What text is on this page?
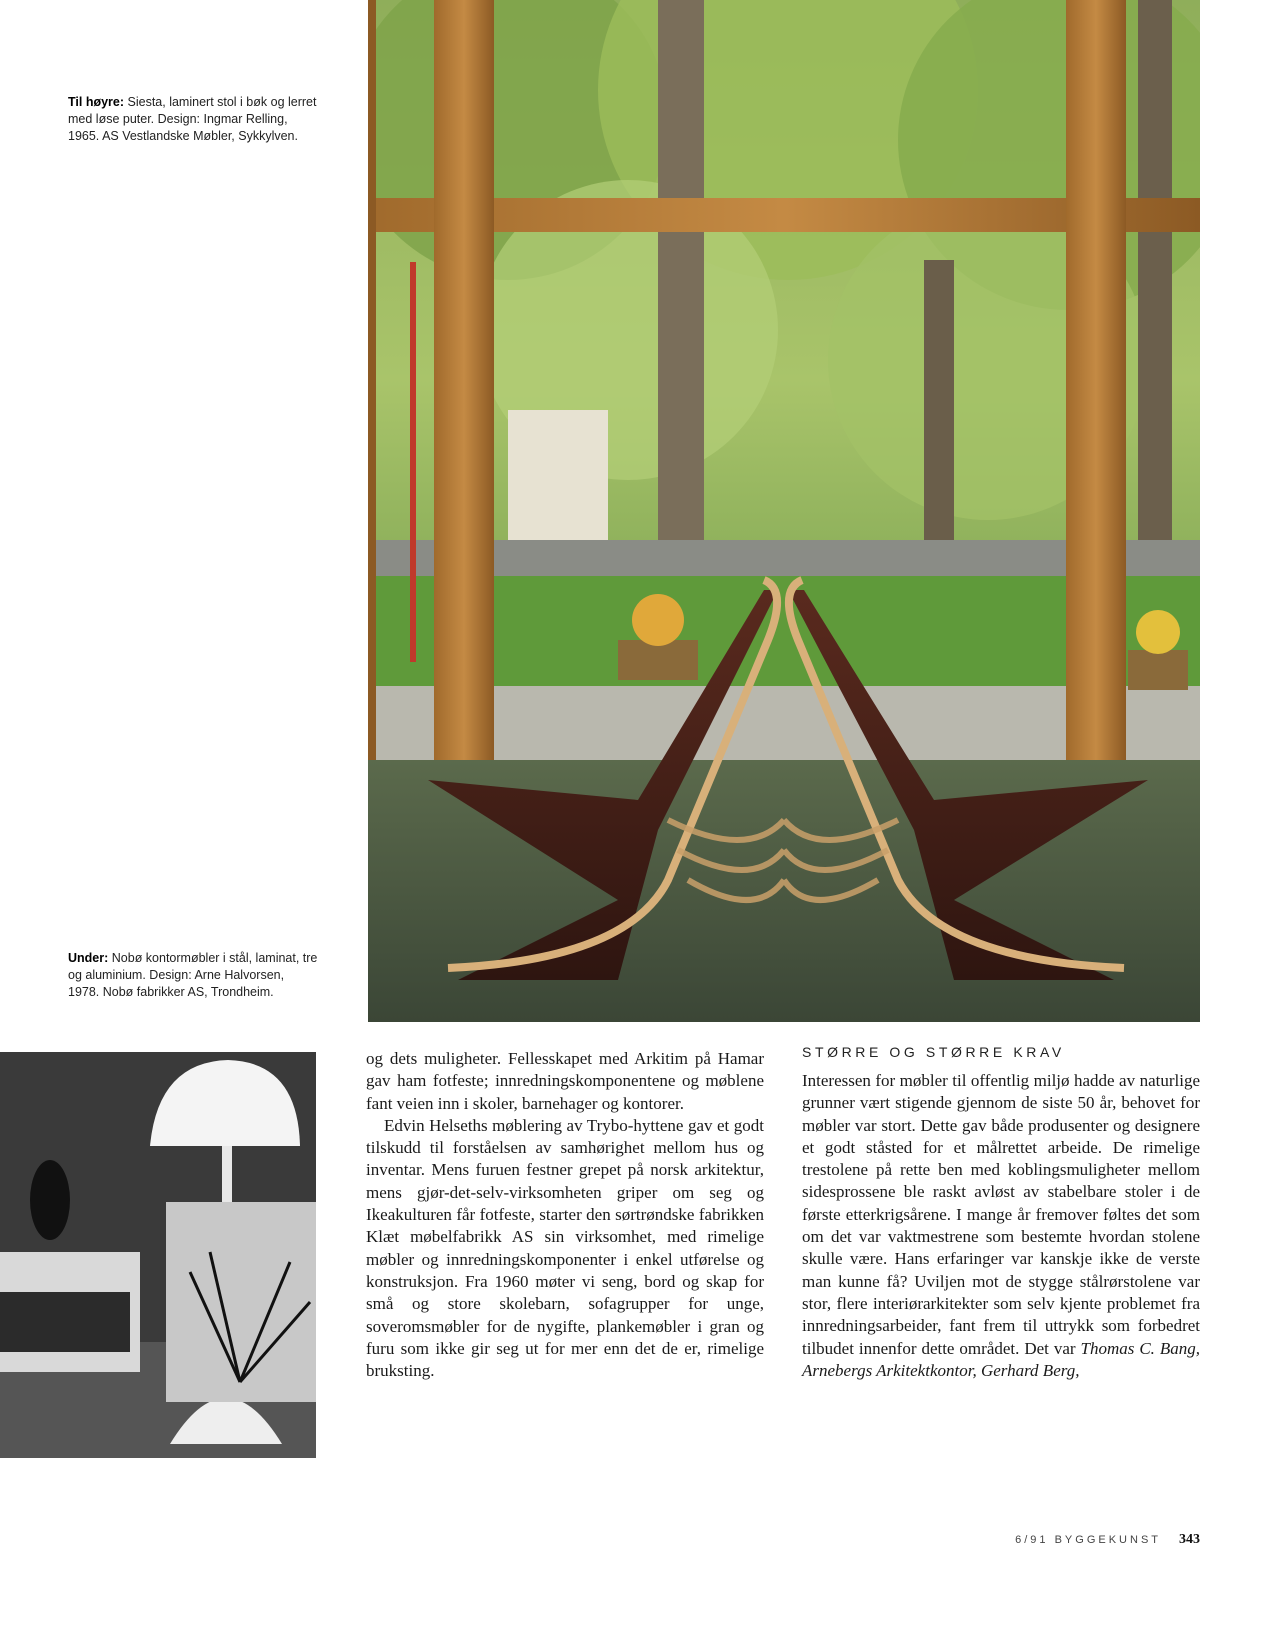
Til høyre: Siesta, laminert stol i bøk og lerret med løse puter. Design: Ingmar Relling, 1965. AS Vestlandske Møbler, Sykkylven.
Under: Nobø kontormøbler i stål, laminat, tre og aluminium. Design: Arne Halvorsen, 1978. Nobø fabrikker AS, Trondheim.

og dets muligheter. Fellesskapet med Arkitim på Hamar gav ham fotfeste; innredningskomponentene og møblene fant veien inn i skoler, barnehager og kontorer.

Edvin Helseths møblering av Trybo-hyttene gav et godt tilskudd til forståelsen av samhørighet mellom hus og inventar. Mens furuen festner grepet på norsk arkitektur, mens gjør-det-selv-virksomheten griper om seg og Ikeakulturen får fotfeste, starter den sørtrøndske fabrikken Klæt møbelfabrikk AS sin virksomhet, med rimelige møbler og innredningskomponenter i enkel utførelse og konstruksjon. Fra 1960 møter vi seng, bord og skap for små og store skolebarn, sofagrupper for unge, soveromsmøbler for de nygifte, plankemøbler i gran og furu som ikke gir seg ut for mer enn det de er, rimelige bruksting.

STØRRE OG STØRRE KRAV

Interessen for møbler til offentlig miljø hadde av naturlige grunner vært stigende gjennom de siste 50 år, behovet for møbler var stort. Dette gav både produsenter og designere et godt ståsted for et målrettet arbeide. De rimelige trestolene på rette ben med koblingsmuligheter mellom sidesprossene ble raskt avløst av stabelbare stoler i de første etterkrigsårene. I mange år fremover føltes det som om det var vaktmestrene som bestemte hvordan stolene skulle være. Hans erfaringer var kanskje ikke de verste man kunne få? Uviljen mot de stygge stålrørstolene var stor, flere interiørarkitekter som selv kjente problemet fra innredningsarbeider, fant frem til uttrykk som forbedret tilbudet innenfor dette området. Det var Thomas C. Bang, Arnebergs Arkitektkontor, Gerhard Berg,

6/91 BYGGEKUNST 343
